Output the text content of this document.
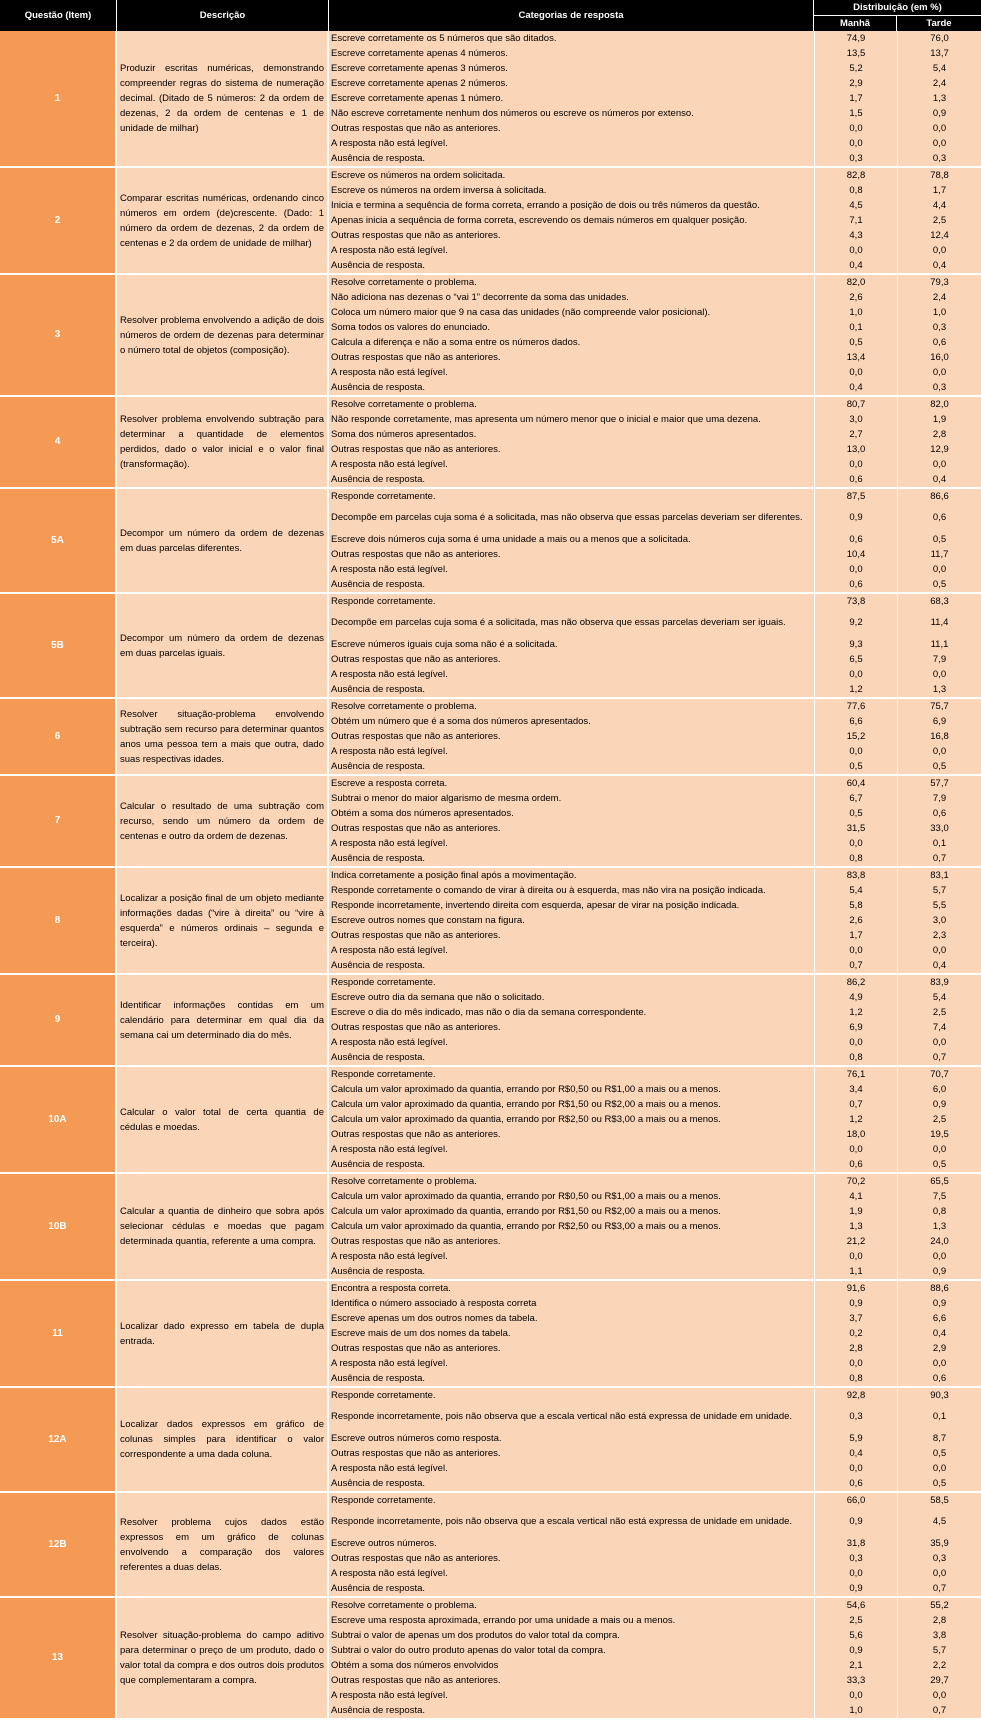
Questão (Item)	Descrição	Categorias de resposta	Distribuição (em %)	
			Manhã	Tarde
1	Produzir escritas numéricas, demonstrando compreender regras do sistema de numeração decimal. (Ditado de 5 números: 2 da ordem de dezenas, 2 da ordem de centenas e 1 de unidade de milhar)	Escreve corretamente os 5 números que são ditados.	74,9	76,0
		Escreve corretamente apenas 4 números.	13,5	13,7
		Escreve corretamente apenas 3 números.	5,2	5,4
		Escreve corretamente apenas 2 números.	2,9	2,4
		Escreve corretamente apenas 1 número.	1,7	1,3
		Não escreve corretamente nenhum dos números ou escreve os números por extenso.	1,5	0,9
		Outras respostas que não as anteriores.	0,0	0,0
		A resposta não está legível.	0,0	0,0
		Ausência de resposta.	0,3	0,3
2	Comparar escritas numéricas, ordenando cinco números em ordem (de)crescente. (Dado: 1 número da ordem de dezenas, 2 da ordem de centenas e 2 da ordem de unidade de milhar)	Escreve os números na ordem solicitada.	82,8	78,8
		Escreve os números na ordem inversa à solicitada.	0,8	1,7
		Inicia e termina a sequência de forma correta, errando a posição de dois ou três números da questão.	4,5	4,4
		Apenas inicia a sequência de forma correta, escrevendo os demais números em qualquer posição.	7,1	2,5
		Outras respostas que não as anteriores.	4,3	12,4
		A resposta não está legível.	0,0	0,0
		Ausência de resposta.	0,4	0,4
3	Resolver problema envolvendo a adição de dois números de ordem de dezenas para determinar o número total de objetos (composição).	Resolve corretamente o problema.	82,0	79,3
		Não adiciona nas dezenas o “vai 1” decorrente da soma das unidades.	2,6	2,4
		Coloca um número maior que 9 na casa das unidades (não compreende valor posicional).	1,0	1,0
		Soma todos os valores do enunciado.	0,1	0,3
		Calcula a diferença e não a soma entre os números dados.	0,5	0,6
		Outras respostas que não as anteriores.	13,4	16,0
		A resposta não está legível.	0,0	0,0
		Ausência de resposta.	0,4	0,3
4	Resolver problema envolvendo subtração para determinar a quantidade de elementos perdidos, dado o valor inicial e o valor final (transformação).	Resolve corretamente o problema.	80,7	82,0
		Não responde corretamente, mas apresenta um número menor que o inicial e maior que uma dezena.	3,0	1,9
		Soma dos números apresentados.	2,7	2,8
		Outras respostas que não as anteriores.	13,0	12,9
		A resposta não está legível.	0,0	0,0
		Ausência de resposta.	0,6	0,4
5A	Decompor um número da ordem de dezenas em duas parcelas diferentes.	Responde corretamente.	87,5	86,6
		Decompõe em parcelas cuja soma é a solicitada, mas não observa que essas parcelas deveriam ser diferentes.	0,9	0,6
		Escreve dois números cuja soma é uma unidade a mais ou a menos que a solicitada.	0,6	0,5
		Outras respostas que não as anteriores.	10,4	11,7
		A resposta não está legível.	0,0	0,0
		Ausência de resposta.	0,6	0,5
5B	Decompor um número da ordem de dezenas em duas parcelas iguais.	Responde corretamente.	73,8	68,3
		Decompõe em parcelas cuja soma é a solicitada, mas não observa que essas parcelas deveriam ser iguais.	9,2	11,4
		Escreve números iguais cuja soma não é a solicitada.	9,3	11,1
		Outras respostas que não as anteriores.	6,5	7,9
		A resposta não está legível.	0,0	0,0
		Ausência de resposta.	1,2	1,3
6	Resolver situação-problema envolvendo subtração sem recurso para determinar quantos anos uma pessoa tem a mais que outra, dado suas respectivas idades.	Resolve corretamente o problema.	77,6	75,7
		Obtém um número que é a soma dos números apresentados.	6,6	6,9
		Outras respostas que não as anteriores.	15,2	16,8
		A resposta não está legível.	0,0	0,0
		Ausência de resposta.	0,5	0,5
7	Calcular o resultado de uma subtração com recurso, sendo um número da ordem de centenas e outro da ordem de dezenas.	Escreve a resposta correta.	60,4	57,7
		Subtrai o menor do maior algarismo de mesma ordem.	6,7	7,9
		Obtém a soma dos números apresentados.	0,5	0,6
		Outras respostas que não as anteriores.	31,5	33,0
		A resposta não está legível.	0,0	0,1
		Ausência de resposta.	0,8	0,7
8	Localizar a posição final de um objeto mediante informações dadas (“vire à direita” ou “vire à esquerda” e números ordinais – segunda e terceira).	Indica corretamente a posição final após a movimentação.	83,8	83,1
		Responde corretamente o comando de virar à direita ou à esquerda, mas não vira na posição indicada.	5,4	5,7
		Responde incorretamente, invertendo direita com esquerda, apesar de virar na posição indicada.	5,8	5,5
		Escreve outros nomes que constam na figura.	2,6	3,0
		Outras respostas que não as anteriores.	1,7	2,3
		A resposta não está legível.	0,0	0,0
		Ausência de resposta.	0,7	0,4
9	Identificar informações contidas em um calendário para determinar em qual dia da semana cai um determinado dia do mês.	Responde corretamente.	86,2	83,9
		Escreve outro dia da semana que não o solicitado.	4,9	5,4
		Escreve o dia do mês indicado, mas não o dia da semana correspondente.	1,2	2,5
		Outras respostas que não as anteriores.	6,9	7,4
		A resposta não está legível.	0,0	0,0
		Ausência de resposta.	0,8	0,7
10A	Calcular o valor total de certa quantia de cédulas e moedas.	Responde corretamente.	76,1	70,7
		Calcula um valor aproximado da quantia, errando por R$0,50 ou R$1,00 a mais ou a menos.	3,4	6,0
		Calcula um valor aproximado da quantia, errando por R$1,50 ou R$2,00 a mais ou a menos.	0,7	0,9
		Calcula um valor aproximado da quantia, errando por R$2,50 ou R$3,00 a mais ou a menos.	1,2	2,5
		Outras respostas que não as anteriores.	18,0	19,5
		A resposta não está legível.	0,0	0,0
		Ausência de resposta.	0,6	0,5
10B	Calcular a quantia de dinheiro que sobra após selecionar cédulas e moedas que pagam determinada quantia, referente a uma compra.	Resolve corretamente o problema.	70,2	65,5
		Calcula um valor aproximado da quantia, errando por R$0,50 ou R$1,00 a mais ou a menos.	4,1	7,5
		Calcula um valor aproximado da quantia, errando por R$1,50 ou R$2,00 a mais ou a menos.	1,9	0,8
		Calcula um valor aproximado da quantia, errando por R$2,50 ou R$3,00 a mais ou a menos.	1,3	1,3
		Outras respostas que não as anteriores.	21,2	24,0
		A resposta não está legível.	0,0	0,0
		Ausência de resposta.	1,1	0,9
11	Localizar dado expresso em tabela de dupla entrada.	Encontra a resposta correta.	91,6	88,6
		Identifica o número associado à resposta correta	0,9	0,9
		Escreve apenas um dos outros nomes da tabela.	3,7	6,6
		Escreve mais de um dos nomes da tabela.	0,2	0,4
		Outras respostas que não as anteriores.	2,8	2,9
		A resposta não está legível.	0,0	0,0
		Ausência de resposta.	0,8	0,6
12A	Localizar dados expressos em gráfico de colunas simples para identificar o valor correspondente a uma dada coluna.	Responde corretamente.	92,8	90,3
		Responde incorretamente, pois não observa que a escala vertical não está expressa de unidade em unidade.	0,3	0,1
		Escreve outros números como resposta.	5,9	8,7
		Outras respostas que não as anteriores.	0,4	0,5
		A resposta não está legível.	0,0	0,0
		Ausência de resposta.	0,6	0,5
12B	Resolver problema cujos dados estão expressos em um gráfico de colunas envolvendo a comparação dos valores referentes a duas delas.	Responde corretamente.	66,0	58,5
		Responde incorretamente, pois não observa que a escala vertical não está expressa de unidade em unidade.	0,9	4,5
		Escreve outros números.	31,8	35,9
		Outras respostas que não as anteriores.	0,3	0,3
		A resposta não está legível.	0,0	0,0
		Ausência de resposta.	0,9	0,7
13	Resolver situação-problema do campo aditivo para determinar o preço de um produto, dado o valor total da compra e dos outros dois produtos que complementaram a compra.	Resolve corretamente o problema.	54,6	55,2
		Escreve uma resposta aproximada, errando por uma unidade a mais ou a menos.	2,5	2,8
		Subtrai o valor de apenas um dos produtos do valor total da compra.	5,6	3,8
		Subtrai o valor do outro produto apenas do valor total da compra.	0,9	5,7
		Obtém a soma dos números envolvidos	2,1	2,2
		Outras respostas que não as anteriores.	33,3	29,7
		A resposta não está legível.	0,0	0,0
		Ausência de resposta.	1,0	0,7
